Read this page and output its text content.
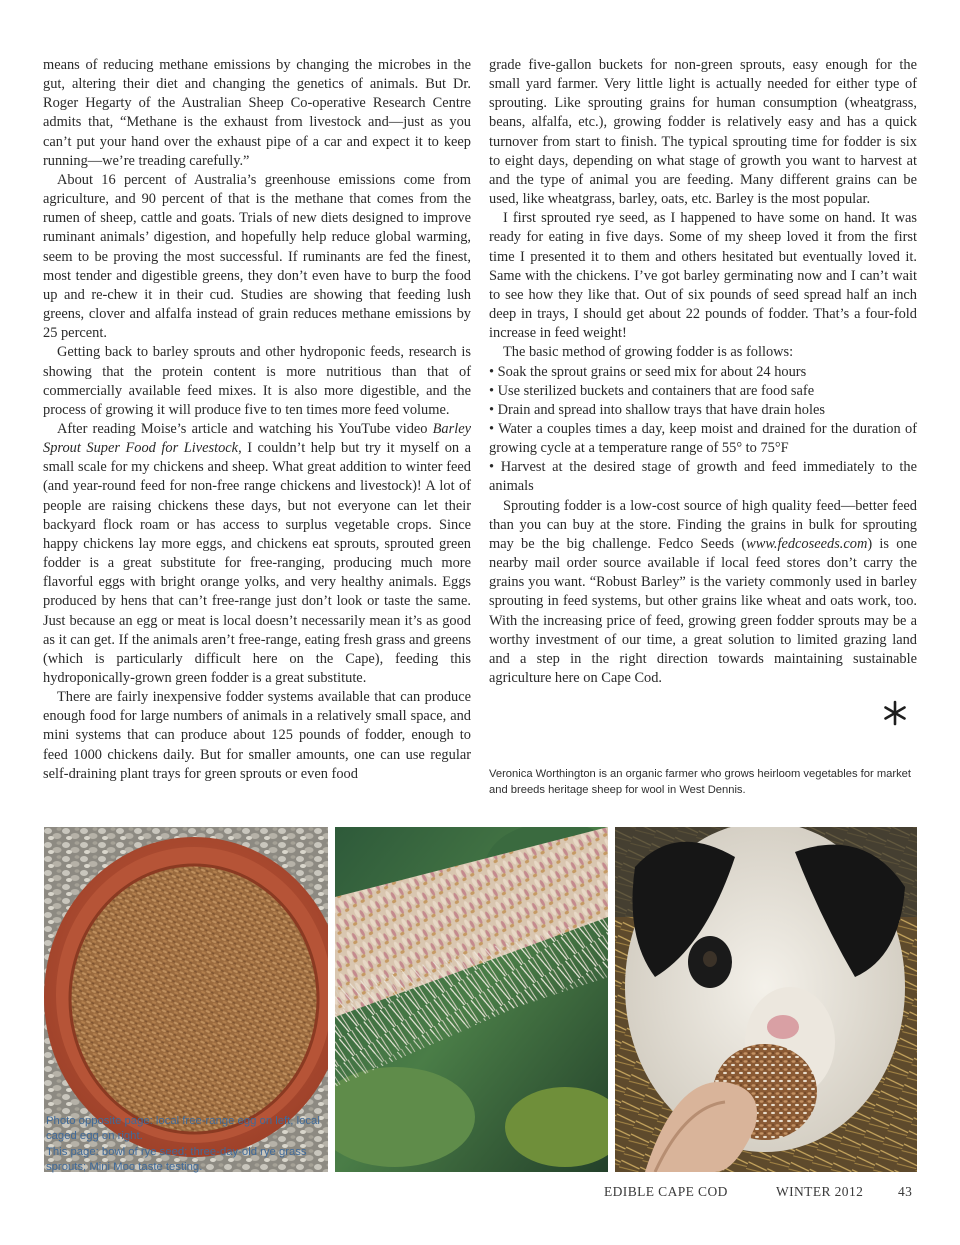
means of reducing methane emissions by changing the microbes in the gut, altering their diet and changing the genetics of animals. But Dr. Roger Hegarty of the Australian Sheep Co-operative Research Centre admits that, “Methane is the exhaust from livestock and—just as you can’t put your hand over the exhaust pipe of a car and expect it to keep running—we’re treading carefully.”

About 16 percent of Australia’s greenhouse emissions come from agriculture, and 90 percent of that is the methane that comes from the rumen of sheep, cattle and goats. Trials of new diets designed to improve ruminant animals’ digestion, and hopefully help reduce global warming, seem to be proving the most successful. If ruminants are fed the finest, most tender and digestible greens, they don’t even have to burp the food up and re-chew it in their cud. Studies are showing that feeding lush greens, clover and alfalfa instead of grain reduces methane emissions by 25 percent.

Getting back to barley sprouts and other hydroponic feeds, research is showing that the protein content is more nutritious than that of commercially available feed mixes. It is also more digestible, and the process of growing it will produce five to ten times more feed volume.

After reading Moise’s article and watching his YouTube video Barley Sprout Super Food for Livestock, I couldn’t help but try it myself on a small scale for my chickens and sheep. What great addition to winter feed (and year-round feed for non-free range chickens and livestock)! A lot of people are raising chickens these days, but not everyone can let their backyard flock roam or has access to surplus vegetable crops. Since happy chickens lay more eggs, and chickens eat sprouts, sprouted green fodder is a great substitute for free-ranging, producing much more flavorful eggs with bright orange yolks, and very healthy animals. Eggs produced by hens that can’t free-range just don’t look or taste the same. Just because an egg or meat is local doesn’t necessarily mean it’s as good as it can get. If the animals aren’t free-range, eating fresh grass and greens (which is particularly difficult here on the Cape), feeding this hydroponically-grown green fodder is a great substitute.

There are fairly inexpensive fodder systems available that can produce enough food for large numbers of animals in a relatively small space, and mini systems that can produce about 125 pounds of fodder, enough to feed 1000 chickens daily. But for smaller amounts, one can use regular self-draining plant trays for green sprouts or even food

grade five-gallon buckets for non-green sprouts, easy enough for the small yard farmer. Very little light is actually needed for either type of sprouting. Like sprouting grains for human consumption (wheatgrass, beans, alfalfa, etc.), growing fodder is relatively easy and has a quick turnover from start to finish. The typical sprouting time for fodder is six to eight days, depending on what stage of growth you want to harvest at and the type of animal you are feeding. Many different grains can be used, like wheatgrass, barley, oats, etc. Barley is the most popular.

I first sprouted rye seed, as I happened to have some on hand. It was ready for eating in five days. Some of my sheep loved it from the first time I presented it to them and others hesitated but eventually loved it. Same with the chickens. I’ve got barley germinating now and I can’t wait to see how they like that. Out of six pounds of seed spread half an inch deep in trays, I should get about 22 pounds of fodder. That’s a four-fold increase in feed weight!

The basic method of growing fodder is as follows:

• Soak the sprout grains or seed mix for about 24 hours

• Use sterilized buckets and containers that are food safe

• Drain and spread into shallow trays that have drain holes

• Water a couples times a day, keep moist and drained for the duration of growing cycle at a temperature range of 55° to 75°F

• Harvest at the desired stage of growth and feed immediately to the animals

Sprouting fodder is a low-cost source of high quality feed—better feed than you can buy at the store. Finding the grains in bulk for sprouting may be the big challenge. Fedco Seeds (www.fedcoseeds.com) is one nearby mail order source available if local feed stores don’t carry the grains you want. “Robust Barley” is the variety commonly used in barley sprouting in feed systems, but other grains like wheat and oats work, too. With the increasing price of feed, growing green fodder sprouts may be a worthy investment of our time, a great solution to limited grazing land and a step in the right direction towards maintaining sustainable agriculture here on Cape Cod.

Veronica Worthington is an organic farmer who grows heirloom vegetables for market and breeds heritage sheep for wool in West Dennis.
Photo opposite page: local free-range egg on left, local caged egg on right.
This page: bowl of rye seed; three-day-old rye grass sprouts; Mini Moo taste testing.
EDIBLE CAPE COD	WINTER 2012	43
